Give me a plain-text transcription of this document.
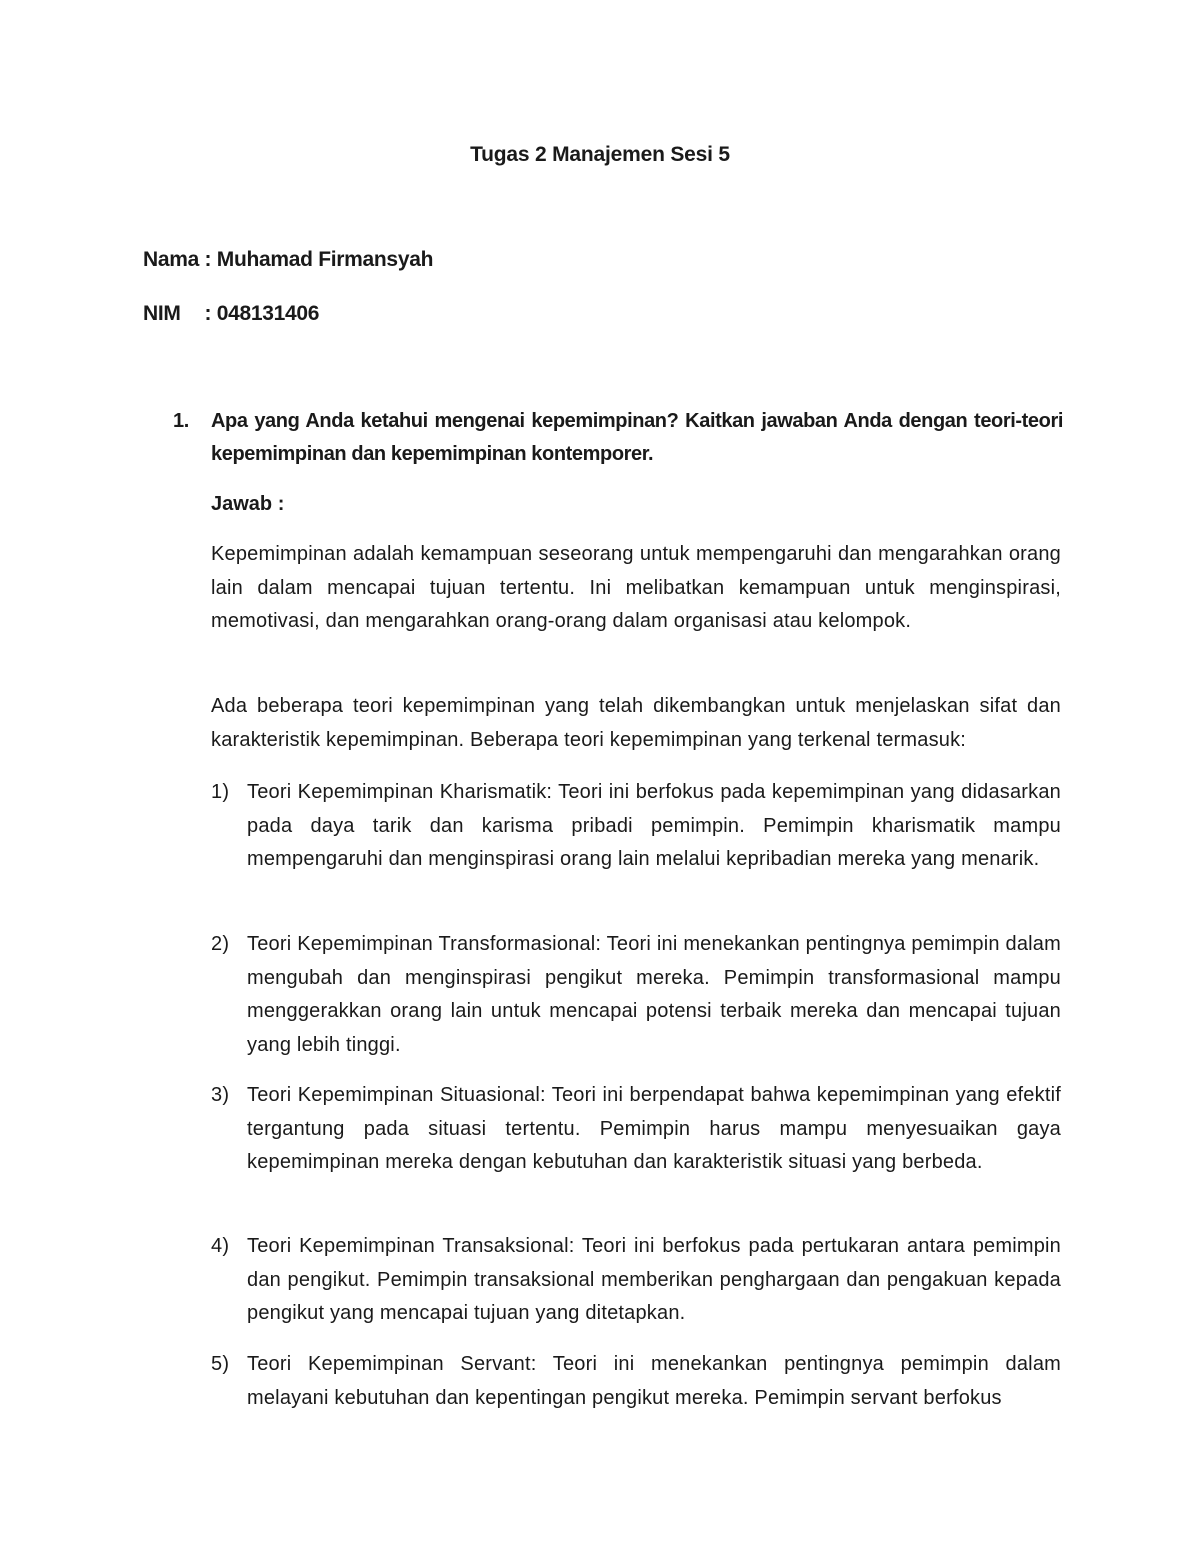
Tugas 2 Manajemen Sesi 5
Nama : Muhamad Firmansyah
NIM : 048131406
1. Apa yang Anda ketahui mengenai kepemimpinan? Kaitkan jawaban Anda dengan teori-teori kepemimpinan dan kepemimpinan kontemporer.
Jawab :
Kepemimpinan adalah kemampuan seseorang untuk mempengaruhi dan mengarahkan orang lain dalam mencapai tujuan tertentu. Ini melibatkan kemampuan untuk menginspirasi, memotivasi, dan mengarahkan orang-orang dalam organisasi atau kelompok.
Ada beberapa teori kepemimpinan yang telah dikembangkan untuk menjelaskan sifat dan karakteristik kepemimpinan. Beberapa teori kepemimpinan yang terkenal termasuk:
1) Teori Kepemimpinan Kharismatik: Teori ini berfokus pada kepemimpinan yang didasarkan pada daya tarik dan karisma pribadi pemimpin. Pemimpin kharismatik mampu mempengaruhi dan menginspirasi orang lain melalui kepribadian mereka yang menarik.
2) Teori Kepemimpinan Transformasional: Teori ini menekankan pentingnya pemimpin dalam mengubah dan menginspirasi pengikut mereka. Pemimpin transformasional mampu menggerakkan orang lain untuk mencapai potensi terbaik mereka dan mencapai tujuan yang lebih tinggi.
3) Teori Kepemimpinan Situasional: Teori ini berpendapat bahwa kepemimpinan yang efektif tergantung pada situasi tertentu. Pemimpin harus mampu menyesuaikan gaya kepemimpinan mereka dengan kebutuhan dan karakteristik situasi yang berbeda.
4) Teori Kepemimpinan Transaksional: Teori ini berfokus pada pertukaran antara pemimpin dan pengikut. Pemimpin transaksional memberikan penghargaan dan pengakuan kepada pengikut yang mencapai tujuan yang ditetapkan.
5) Teori Kepemimpinan Servant: Teori ini menekankan pentingnya pemimpin dalam melayani kebutuhan dan kepentingan pengikut mereka. Pemimpin servant berfokus
